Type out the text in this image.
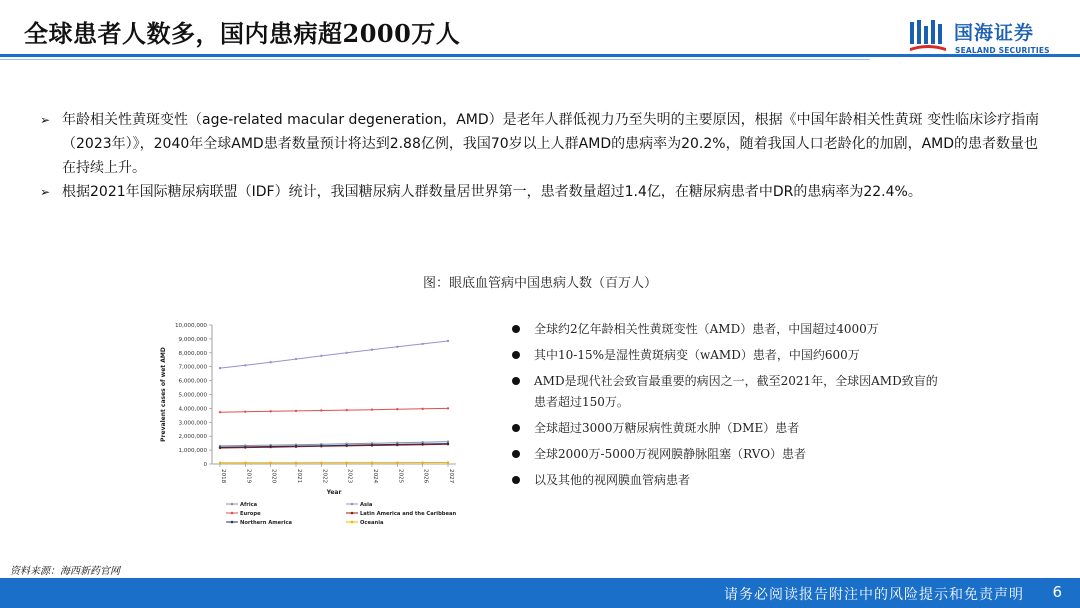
全球患者人数多，国内患病超2000万人	国海证券
SEALAND SECURITIES
➢ 年龄相关性黄斑变性（age-related macular degeneration，AMD）是老年人群低视力乃至失明的主要原因，根据《中国年龄相关性黄斑 变性临床诊疗指南（2023年）》，2040年全球AMD患者数量预计将达到2.88亿例，我国70岁以上人群AMD的患病率为20.2%，随着我国人口老龄化的加剧，AMD的患者数量也在持续上升。
➢ 根据2021年国际糖尿病联盟（IDF）统计，我国糖尿病人群数量居世界第一，患者数量超过1.4亿，在糖尿病患者中DR的患病率为22.4%。
图：眼底血管病中国患病人数（百万人）
0
1,000,000
2,000,000
3,000,000
4,000,000
5,000,000
6,000,000
7,000,000
8,000,000
9,000,000
10,000,000
2018	2019	2020	2021	2022	2023	2024	2025	2026	2027
Year
Prevalent cases of wet AMD
Africa	Asia
Europe	Latin America and the Caribbean
Northern America	Oceania
全球约2亿年龄相关性黄斑变性（AMD）患者，中国超过4000万
其中10-15%是湿性黄斑病变（wAMD）患者，中国约600万
AMD是现代社会致盲最重要的病因之一，截至2021年，全球因AMD致盲的患者超过150万。
全球超过3000万糖尿病性黄斑水肿（DME）患者
全球2000万-5000万视网膜静脉阻塞（RVO）患者
以及其他的视网膜血管病患者
资料来源：海西新药官网
请务必阅读报告附注中的风险提示和免责声明 6
